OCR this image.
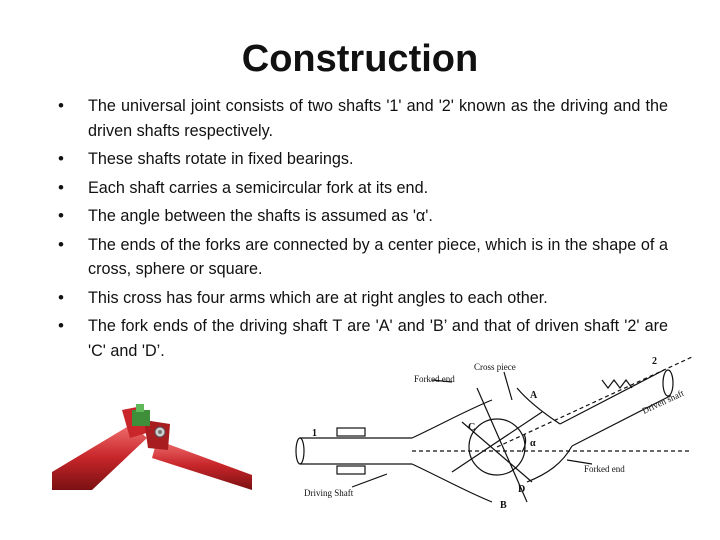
Construction
• The universal joint consists of two shafts '1' and '2' known as the driving and the driven shafts respectively.
• These shafts rotate in fixed bearings.
• Each shaft carries a semicircular fork at its end.
• The angle between the shafts is assumed as 'α'.
• The ends of the forks are connected by a center piece, which is in the shape of a cross, sphere or square.
• This cross has four arms which are at right angles to each other.
• The fork ends of the driving shaft T are 'A' and 'B’ and that of driven shaft '2' are 'C' and 'D’.
Forked end
Cross piece
Forked end
Driving Shaft
Driven shaft
1
2
A
B
C
D
α
